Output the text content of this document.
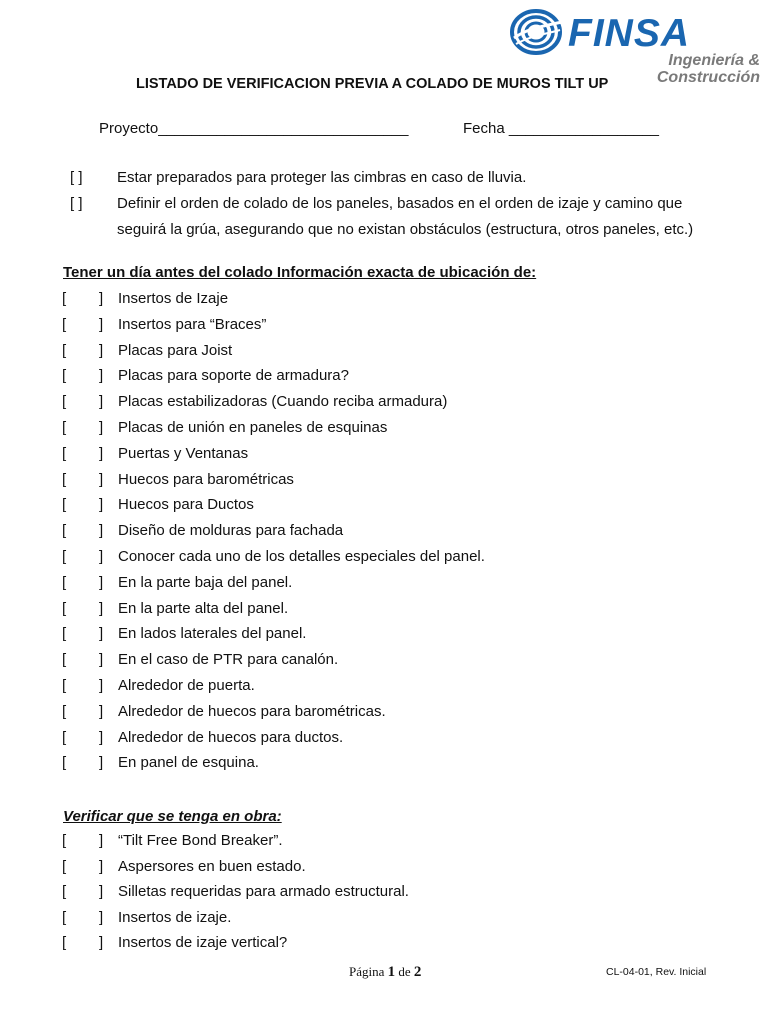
FINSA
Ingeniería &
Construcción
LISTADO DE VERIFICACION PREVIA A COLADO DE MUROS TILT UP
Proyecto______________________________	Fecha __________________
[ ] Estar preparados para proteger las cimbras en caso de lluvia.
[ ] Definir el orden de colado de los paneles, basados en el orden de izaje y camino que
seguirá la grúa, asegurando que no existan obstáculos (estructura, otros paneles, etc.)
Tener un día antes del colado Información exacta de ubicación de:
[ ] Insertos de Izaje
[ ] Insertos para “Braces”
[ ] Placas para Joist
[ ] Placas para soporte de armadura?
[ ] Placas estabilizadoras (Cuando reciba armadura)
[ ] Placas de unión en paneles de esquinas
[ ] Puertas y Ventanas
[ ] Huecos para barométricas
[ ] Huecos para Ductos
[ ] Diseño de molduras para fachada
[ ] Conocer cada uno de los detalles especiales del panel.
[ ] En la parte baja del panel.
[ ] En la parte alta del panel.
[ ] En lados laterales del panel.
[ ] En el caso de PTR para canalón.
[ ] Alrededor de puerta.
[ ] Alrededor de huecos para barométricas.
[ ] Alrededor de huecos para ductos.
[ ] En panel de esquina.
Verificar que se tenga en obra:
[ ] “Tilt Free Bond Breaker”.
[ ] Aspersores en buen estado.
[ ] Silletas requeridas para armado estructural.
[ ] Insertos de izaje.
[ ] Insertos de izaje vertical?
Página 1 de 2	CL-04-01, Rev. Inicial
